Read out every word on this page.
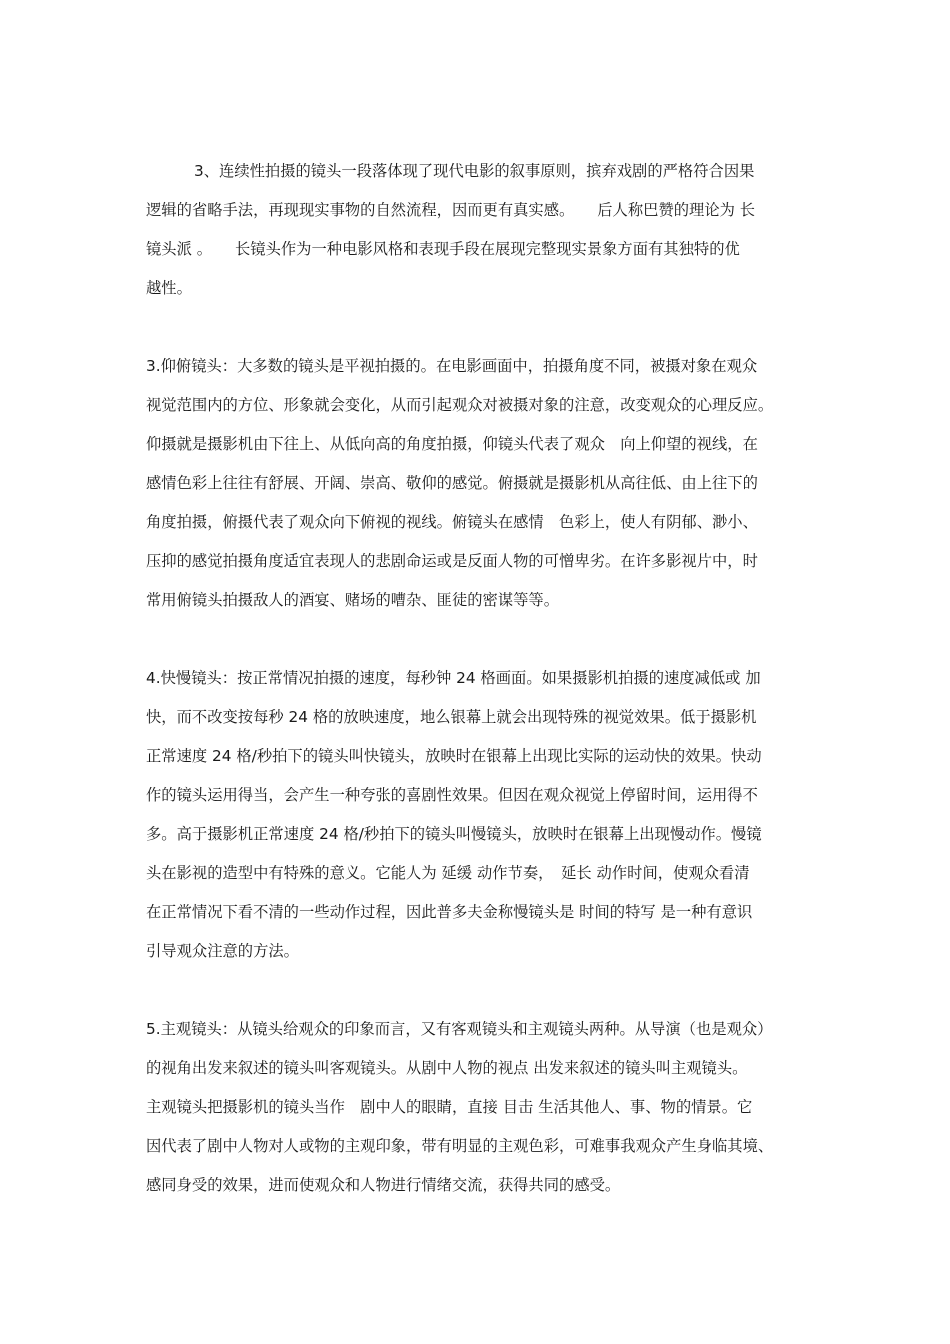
3、连续性拍摄的镜头一段落体现了现代电影的叙事原则，摈弃戏剧的严格符合因果
逻辑的省略手法，再现现实事物的自然流程，因而更有真实感。　　后人称巴赞的理论为 长
镜头派 。　　长镜头作为一种电影风格和表现手段在展现完整现实景象方面有其独特的优
越性。

3.仰俯镜头：大多数的镜头是平视拍摄的。在电影画面中，拍摄角度不同，被摄对象在观众
视觉范围内的方位、形象就会变化，从而引起观众对被摄对象的注意，改变观众的心理反应。
仰摄就是摄影机由下往上、从低向高的角度拍摄，仰镜头代表了观众　向上仰望的视线，在
感情色彩上往往有舒展、开阔、崇高、敬仰的感觉。俯摄就是摄影机从高往低、由上往下的
角度拍摄，俯摄代表了观众向下俯视的视线。俯镜头在感情　色彩上，使人有阴郁、渺小、
压抑的感觉拍摄角度适宜表现人的悲剧命运或是反面人物的可憎卑劣。在许多影视片中，时
常用俯镜头拍摄敌人的酒宴、赌场的嘈杂、匪徒的密谋等等。

4.快慢镜头：按正常情况拍摄的速度，每秒钟 24 格画面。如果摄影机拍摄的速度减低或 加
快，而不改变按每秒 24 格的放映速度，地么银幕上就会出现特殊的视觉效果。低于摄影机
正常速度 24 格/秒拍下的镜头叫快镜头，放映时在银幕上出现比实际的运动快的效果。快动
作的镜头运用得当，会产生一种夸张的喜剧性效果。但因在观众视觉上停留时间，运用得不
多。高于摄影机正常速度 24 格/秒拍下的镜头叫慢镜头，放映时在银幕上出现慢动作。慢镜
头在影视的造型中有特殊的意义。它能人为 延缓 动作节奏，　延长 动作时间，使观众看清
在正常情况下看不清的一些动作过程，因此普多夫金称慢镜头是 时间的特写 是一种有意识
引导观众注意的方法。

5.主观镜头：从镜头给观众的印象而言，又有客观镜头和主观镜头两种。从导演（也是观众）
的视角出发来叙述的镜头叫客观镜头。从剧中人物的视点 出发来叙述的镜头叫主观镜头。
主观镜头把摄影机的镜头当作　剧中人的眼睛，直接 目击 生活其他人、事、物的情景。它
因代表了剧中人物对人或物的主观印象，带有明显的主观色彩，可难事我观众产生身临其境、
感同身受的效果，进而使观众和人物进行情绪交流，获得共同的感受。
